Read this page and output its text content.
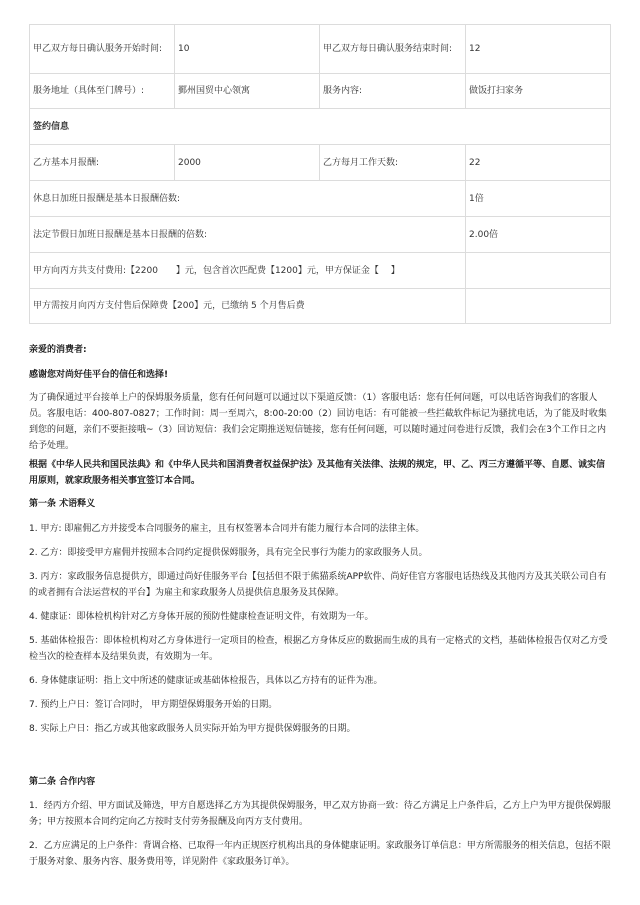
甲乙双方每日确认服务开始时间:	10	甲乙双方每日确认服务结束时间:	12
服务地址（具体至门牌号）:	鄞州国贸中心领寓	服务内容:	做饭打扫家务
签约信息			
乙方基本月报酬:	2000	乙方每月工作天数:	22
休息日加班日报酬是基本日报酬倍数:			1倍
法定节假日加班日报酬是基本日报酬的倍数:			2.00倍
甲方向丙方共支付费用:【2200　　】元，包含首次匹配费【1200】元，甲方保证金【　 】			
甲方需按月向丙方支付售后保障费【200】元，已缴纳 5 个月售后费			

亲爱的消费者:

感谢您对尚好佳平台的信任和选择!

为了确保通过平台接单上户的保姆服务质量，您有任何问题可以通过以下渠道反馈：（1）客服电话：您有任何问题，可以电话咨询我们的客服人员。客服电话：400-807-0827；工作时间：周一至周六，8:00-20:00（2）回访电话：有可能被一些拦截软件标记为骚扰电话，为了能及时收集到您的问题，亲们不要拒接哦~（3）回访短信：我们会定期推送短信链接，您有任何问题，可以随时通过问卷进行反馈，我们会在3个工作日之内给予处理。

根据《中华人民共和国民法典》和《中华人民共和国消费者权益保护法》及其他有关法律、法规的规定，甲、乙、丙三方遵循平等、自愿、诚实信用原则，就家政服务相关事宜签订本合同。

第一条 术语释义

1. 甲方: 即雇佣乙方并接受本合同服务的雇主，且有权签署本合同并有能力履行本合同的法律主体。

2. 乙方：即接受甲方雇佣并按照本合同约定提供保姆服务，具有完全民事行为能力的家政服务人员。

3. 丙方：家政服务信息提供方，即通过尚好佳服务平台【包括但不限于熊猫系统APP软件、尚好佳官方客服电话热线及其他丙方及其关联公司自有的或者拥有合法运营权的平台】为雇主和家政服务人员提供信息服务及其保障。

4. 健康证：即体检机构针对乙方身体开展的预防性健康检查证明文件，有效期为一年。

5. 基础体检报告：即体检机构对乙方身体进行一定项目的检查，根据乙方身体反应的数据而生成的具有一定格式的文档，基础体检报告仅对乙方受检当次的检查样本及结果负责，有效期为一年。

6. 身体健康证明：指上文中所述的健康证或基础体检报告，具体以乙方持有的证件为准。

7. 预约上户日：签订合同时， 甲方期望保姆服务开始的日期。

8. 实际上户日：指乙方或其他家政服务人员实际开始为甲方提供保姆服务的日期。

第二条 合作内容

1．经丙方介绍、甲方面试及筛选，甲方自愿选择乙方为其提供保姆服务，甲乙双方协商一致：待乙方满足上户条件后，乙方上户为甲方提供保姆服务；甲方按照本合同约定向乙方按时支付劳务报酬及向丙方支付费用。

2．乙方应满足的上户条件：背调合格、已取得一年内正规医疗机构出具的身体健康证明。家政服务订单信息：甲方所需服务的相关信息，包括不限于服务对象、服务内容、服务费用等，详见附件《家政服务订单》。
